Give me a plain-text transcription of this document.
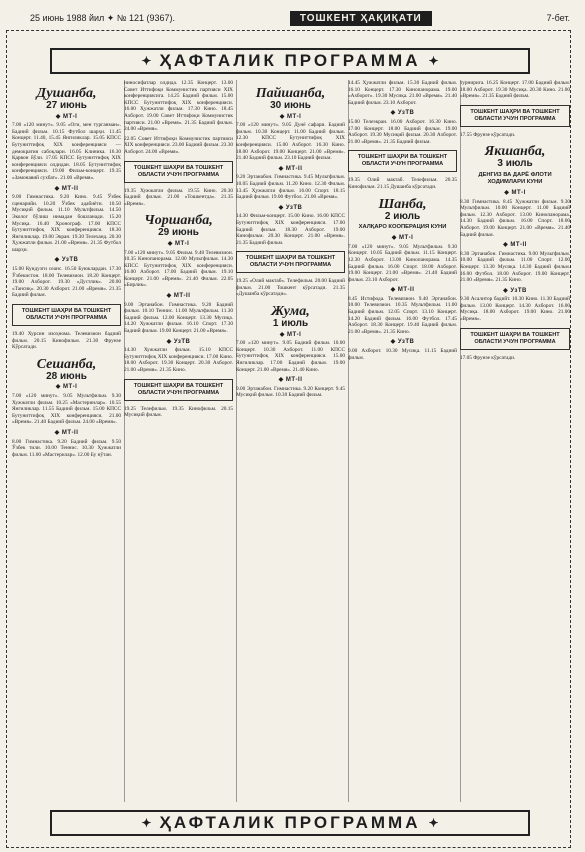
25 июнь 1988 йил ✦ № 121 (9367).	ТОШКЕНТ ҲАҚИҚАТИ	7-бет.
✦ ҲАФТАЛИК ПРОГРАММА ✦
Душанба,
27 июнь
◆ МТ-I
7.00 «120 минут». 9.05 «Оги, мен турганман». Бадиий фильм. 10.15 Футбол шарҳи. 11.45 Концерт. 11.40, 15.45 Янгиликлар. 15.05 КПСС Бутуниттифоқ ХIХ конференцияси — демократия сабоқлари. 16.05 Клиника. 16.30 Қарвон йўли. 17.05 КПСС Бутуниттифоқ ХIХ конференцияси олдидан. 18.05 Бутуниттифоқ конференцияси. 19.00 Фильм-концерт. 19.35 «Замонавий сухбат». 21.00 «Время».
◆ МТ-II
9.00 Гимнастика. 9.20 Кино. 9.45 Ўзбек сценарийи. 10.20 Ўзбек адабиёти. 10.50 Мусиқий фильм. 11.10 Мультфильм. 14.50 Эколог бўлиш нимадан бошланади. 15.20 Мусиқа. 16.40 Хронограф. 17.00 КПСС Бутуниттифоқ ХIХ конференцияси. 18.30 Янгиликлар. 19.00 Экран. 19.30 Телеханд. 20.30 Ҳужжатли фильм. 21.00 «Время». 21.35 Футбол шарҳи.
◆ УзТВ
15.00 Кундузги сеанс. 16.50 Буюклардан. 17.30 Ўзбекистон. 18.00 Телевизион. 18.20 Концерт. 19.00 Ахборот. 19.30 «Дустлик». 20.00 «Тансиқ». 20.30 Ахборот. 21.00 «Время». 21.35 Бадиий фильм.
ТОШКЕНТ ШАҲРИ ВА ТОШКЕНТ ОБЛАСТИ УЧУН ПРОГРАММА
19.40 Хурсин изоҳнома. Телевизион бадиий фильм. 20.15 Кинофильм. 21.30 Фрунзе Кўрсатади.
Сешанба,
28 июнь
◆ МТ-I
7.00 «120 минут». 9.05 Мультфильм. 9.30 Хужжатли фильм. 10.25 «Мастеринлар». 10.55 Янгиликлар. 11.55 Бадиий фильм. 15.00 КПСС Бутуниттифоқ ХIХ конференцияси. 21.00 «Время». 21.40 Бадиий фильм. 24.00 «Время».
◆ МТ-II
8.00 Гимнастика. 9.20 Бадиий фильм. 9.50 Ўзбек тили. 10.00 Теннис. 10.30 Ҳужжатли фильм. 11.00 «Мастерилар». 12.00 Бу нўтан.
ниносифатлар олдида. 12.35 Концерт. 13.00 Совет Иттифоқи Коммунистик партияси ХIХ конференциясига. 14.25 Бадиий фильм. 15.00 КПСС Бутуниттифоқ ХIХ конференцияси. 16.00 Ҳужжатли фильм. 17.30 Кино. 18.45 Ахборот. 19.00 Совет Иттифоқи Коммунистик партияси. 21.00 «Время». 21.35 Бадиий фильм. 24.00 «Время».
22.05 Совет Иттифоқи Коммунистик партияси ХIХ конференцияси. 23.00 Бадиий фильм. 23.30 Ахборот. 24.00 «Время».
ТОШКЕНТ ШАҲРИ ВА ТОШКЕНТ ОБЛАСТИ УЧУН ПРОГРАММА
19.35 Хужжатли фильм. 19.55 Кино. 20.30 Бадиий фильм. 21.00 «Тошкентда». 21.35 «Время».
Чоршанба,
29 июнь
◆ МТ-I
7.00 «120 минут». 9.05 Фильм. 9.40 Телевизион. 10.35 Кинопанорама. 12.00 Мультфильм. 14.30 КПСС Бутуниттифоқ ХIХ конференцияси. 16.00 Ахборот. 17.00 Бадиий фильм. 19.10 Концерт. 21.00 «Время». 21.40 Фильм. 22.05 «Бирлик».
◆ МТ-II
9.00 Эртанабон. Гимнастика. 9.20 Бадиий фильм. 10.10 Теннис. 11.00 Мультфильм. 11.30 Бадиий фильм. 12.00 Концерт. 13.30 Мусиқа. 14.20 Хужжатли фильм. 16.10 Спорт. 17.30 Бадиий фильм. 19.00 Концерт. 21.00 «Время».
◆ УзТВ
14.30 Хужжатли фильм. 15.10 КПСС Бутуниттифоқ ХIХ конференцияси. 17.00 Кино. 18.00 Ахборот. 19.30 Концерт. 20.30 Ахборот. 21.00 «Время». 21.35 Кино.
ТОШКЕНТ ШАҲРИ ВА ТОШКЕНТ ОБЛАСТИ УЧУН ПРОГРАММА
19.25 Телефильм. 19.35 Кинофильм. 20.15 Мусиқий фильм.
Пайшанба,
30 июнь
◆ МТ-I
7.00 «120 минут». 9.05 Дунё сафари. Бадиий фильм. 10.30 Концерт. 11.00 Бадиий фильм. 12.30 КПСС Бутуниттифоқ ХIХ конференцияси. 15.00 Ахборот. 16.30 Кино. 18.00 Ахборот. 19.00 Концерт. 21.00 «Время». 21.40 Бадиий фильм. 23.10 Бадиий фильм.
◆ МТ-II
9.20 Эртанабон. Гимнастика. 9.45 Мультфильм. 10.05 Бадиий фильм. 11.20 Кино. 12.30 Фильм. 13.45 Ҳужжатли фильм. 16.00 Спорт. 18.15 Бадиий фильм. 19.00 Футбол. 21.00 «Время».
◆ УзТВ
14.30 Фильм-концерт. 15.00 Кино. 16.00 КПСС Бутуниттифоқ ХIХ конференцияси. 17.00 Бадиий фильм. 18.30 Ахборот. 19.00 Кинофильм. 20.30 Концерт. 21.00 «Время». 21.35 Бадиий фильм.
ТОШКЕНТ ШАҲРИ ВА ТОШКЕНТ ОБЛАСТИ УЧУН ПРОГРАММА
19.25 «Олий мактаб». Телефильм. 20.00 Бадиий фильм. 21.00 Тошкент кўрсатади. 21.35 «Душанба кўрсатади».
Жума,
1 июль
◆ МТ-I
7.00 «120 минут». 9.05 Бадиий фильм. 10.00 Концерт. 10.30 Ахборот. 11.00 КПСС Бутуниттифоқ ХIХ конференцияси. 15.00 Янгиликлар. 17.00 Бадиий фильм. 19.00 Концерт. 21.00 «Время». 21.40 Кино.
◆ МТ-II
9.00 Эртанабон. Гимнастика. 9.20 Концерт. 9.45 Мусиқий фильм. 10.30 Бадиий фильм.
14.45 Ҳужжатли фильм. 15.30 Бадиий фильм. 16.10 Концерт. 17.30 Кинопанорама. 19.00 «Ахборот». 19.30 Мусиқа. 21.00 «Время». 21.40 Бадиий фильм. 23.10 Ахборот.
◆ УзТВ
15.00 Телеэкран. 16.00 Ахборот. 16.30 Кино. 17.00 Концерт. 18.00 Бадиий фильм. 19.00 Ахборот. 19.30 Мусиқий фильм. 20.30 Ахборот. 21.00 «Время». 21.35 Бадиий фильм.
ТОШКЕНТ ШАҲРИ ВА ТОШКЕНТ ОБЛАСТИ УЧУН ПРОГРАММА
19.35 Олий мактаб. Телефильм. 20.35 Кинофильм. 21.15 Душанба кўрсатади.
Шанба,
2 июль
ХАЛҚАРО КООПЕРАЦИЯ КУНИ
◆ МТ-I
7.00 «120 минут». 9.05 Мультфильм. 9.30 Концерт. 10.05 Бадиий фильм. 11.15 Концерт. 12.30 Ахборот. 13.00 Кинопанорама. 14.35 Бадиий фильм. 16.00 Спорт. 18.00 Ахборот. 19.00 Концерт. 21.00 «Время». 21.40 Бадиий фильм. 23.10 Ахборот.
◆ МТ-II
8.45 Истифода. Телевизион. 9.40 Эртанабон. 10.00 Телевизион. 10.35 Мультфильм. 11.00 Бадиий фильм. 12.05 Спорт. 13.10 Концерт. 14.20 Бадиий фильм. 16.00 Футбол. 17.45 Ахборот. 18.30 Концерт. 19.40 Бадиий фильм. 21.00 «Время». 21.35 Кино.
◆ УзТВ
9.00 Ахборот. 10.30 Мусиқа. 11.15 Бадиий фильм.
турнирига. 16.25 Концерт. 17.00 Бадиий фильм. 18.00 Ахборот. 19.30 Мусиқа. 20.30 Кино. 21.00 «Время». 21.35 Бадиий фильм.
ТОШКЕНТ ШАҲРИ ВА ТОШКЕНТ ОБЛАСТИ УЧУН ПРОГРАММА
17.55 Фрунзе кўрсатади.
Якшанба,
3 июль
ДЕНГИЗ ВА ДАРЁ ФЛОТИ ХОДИМЛАРИ КУНИ
◆ МТ-I
8.30 Гимнастика. 8.45 Ҳужжатли фильм. 9.30 Мультфильм. 10.00 Концерт. 11.00 Бадиий фильм. 12.30 Ахборот. 13.00 Кинопанорама. 14.30 Бадиий фильм. 16.00 Спорт. 18.00 Ахборот. 19.00 Концерт. 21.00 «Время». 21.40 Бадиий фильм.
◆ МТ-II
8.30 Эртанабон. Гимнастика. 9.00 Мультфильм. 10.00 Бадиий фильм. 11.00 Спорт. 12.00 Концерт. 13.30 Мусиқа. 14.30 Бадиий фильм. 16.00 Футбол. 18.00 Ахборот. 19.00 Концерт. 21.00 «Время». 21.35 Кино.
◆ УзТВ
9.30 Асалитор бадийт. 10.30 Кино. 11.30 Бадиий фильм. 13.00 Концерт. 14.30 Ахборот. 16.00 Мусиқа. 18.00 Ахборот. 19.00 Кино. 21.00 «Время».
ТОШКЕНТ ШАҲРИ ВА ТОШКЕНТ ОБЛАСТИ УЧУН ПРОГРАММА
17.05 Фрунзе кўрсатади.
✦ ҲАФТАЛИК ПРОГРАММА ✦
